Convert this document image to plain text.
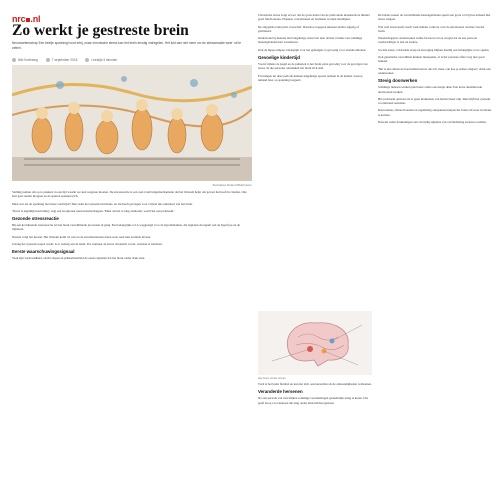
nrc .nl
Zo werkt je gestreste brein
Neurowetenschap Een beetje spanning hoort erbij, maar chronische stress kan het brein ernstig ontregelen. Het lukt dan niet meer om de stressreactie weer 'uit te zetten'.
Niki Korteweg	7 september 2018	Leestijd 4 minuten
Illustraties Roland Blokhuizen

Stelling nemen om op te pakken: in een tijd waarin we snel reageren moeten. De stressreactie is een oud overlevingsmechanisme dat het lichaam helpt om gevaar het hoofd te bieden. Ons hart gaat sneller kloppen en de spieren spannen zich.

Maar wat als de spanning niet meer verdwijnt? Dan raakt het systeem uit balans, en dat heeft gevolgen voor vrijwel elk onderdeel van het brein.

'Stress is eigenlijk heel nuttig', zegt een hoogleraar neurowetenschappen. 'Maar als het te lang aanhoudt, wordt het een probleem.'

Gezonde stressreactie

Bij een kortdurende stressreactie zet het brein verschillende processen in gang. Een belangrijke rol is weggelegd voor de hypothalamus, die signalen doorgeeft aan de hypofyse en de bijnieren.

Daarna volgt het herstel. Het lichaam komt tot rust en de stresshormonen dalen weer naar hun normale niveau.

Zolang het systeem soepel werkt, is er weinig aan de hand. Pas wanneer de stress chronisch wordt, ontstaan er klachten.

Eerste waarschuwingssignaal

Vaak zijn vermoeidheid, slecht slapen en prikkelbaarheid de eerste signalen dat het brein onder druk staat.

Chronische stress zorgt ervoor dat de grote delen van de prefrontale hersenschors minder goed functioneren. Plannen, concentreren en beslissen worden moeilijker.

De amygdala raakt juist overactief. Daardoor reageren mensen sneller angstig of geïrriteerd.

Onderzoek bij mensen met langdurige stress laat zien dat het volume van sommige hersengebieden kan veranderen.

Ook de hippocampus, belangrijk voor het geheugen, is gevoelig voor stresshormonen.

Gevoelige kindertijd

Vooral tijdens de jeugd en de puberteit is het brein extra gevoelig voor de gevolgen van stress. In die periodes ontwikkelt het brein zich snel.

Ervaringen uit deze periode kunnen langdurige sporen nalaten in de manier waarop iemand later op spanning reageert.

Het brein onder stress

Toch is het brein flexibel en kan het zich ook herstellen als de omstandigheden verbeteren.

Veranderde hersenen

Na een periode van rust blijken sommige veranderingen gedeeltelijk terug te keren. Dat geeft hoop voor mensen die lang onder druk hebben gestaan.

De balans tussen de verschillende hersengebieden speelt een grote rol bij hoe iemand met stress omgaat.

Wie veel stress heeft, heeft vaak minder controle over de emotionele reacties van het brein.

Wetenschappers onderzoeken welke factoren ervoor zorgen dat de ene persoon veerkrachtiger is dan de andere.

Sociale steun, voldoende slaap en beweging blijken daarbij een belangrijke rol te spelen.

Ook genetische verschillen kunnen meespelen, al is het precieze effect nog niet goed bekend.

'Het is niet alleen de hoeveelheid stress die telt, maar ook hoe je ermee omgaat', aldus een onderzoeker.

Stevig doorwerken

Sommige mensen werken juist beter onder een beetje druk. Een korte deadline kan motiverend werken.

Het probleem ontstaat als er geen momenten van herstel meer zijn. Dan blijft het systeem voortdurend aanstaan.

Rust nemen, afstand houden en regelmatig ontspannen helpen het brein om weer in balans te komen.

Daarom raden deskundigen aan om tijdig signalen van overbelasting serieus te nemen.
